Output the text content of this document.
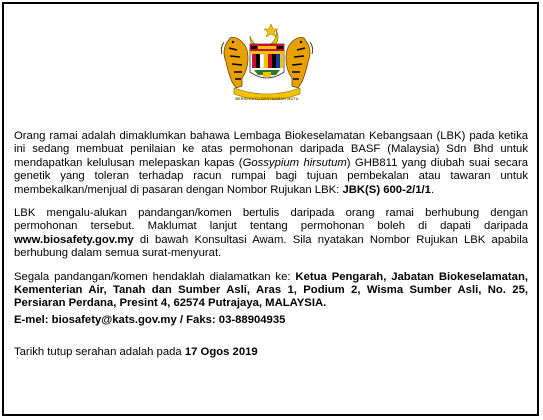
BERSEKUTU BERTAMBAH MUTU

Orang ramai adalah dimaklumkan bahawa Lembaga Biokeselamatan Kebangsaan (LBK) pada ketika ini sedang membuat penilaian ke atas permohonan daripada BASF (Malaysia) Sdn Bhd untuk mendapatkan kelulusan melepaskan kapas (Gossypium hirsutum) GHB811 yang diubah suai secara genetik yang toleran terhadap racun rumpai bagi tujuan pembekalan atau tawaran untuk membekalkan/menjual di pasaran dengan Nombor Rujukan LBK: JBK(S) 600-2/1/1.

LBK mengalu-alukan pandangan/komen bertulis daripada orang ramai berhubung dengan permohonan tersebut. Maklumat lanjut tentang permohonan boleh di dapati daripada www.biosafety.gov.my di bawah Konsultasi Awam. Sila nyatakan Nombor Rujukan LBK apabila berhubung dalam semua surat-menyurat.

Segala pandangan/komen hendaklah dialamatkan ke: Ketua Pengarah, Jabatan Biokeselamatan, Kementerian Air, Tanah dan Sumber Asli, Aras 1, Podium 2, Wisma Sumber Asli, No. 25, Persiaran Perdana, Presint 4, 62574 Putrajaya, MALAYSIA.

E-mel: biosafety@kats.gov.my / Faks: 03-88904935

Tarikh tutup serahan adalah pada 17 Ogos 2019
